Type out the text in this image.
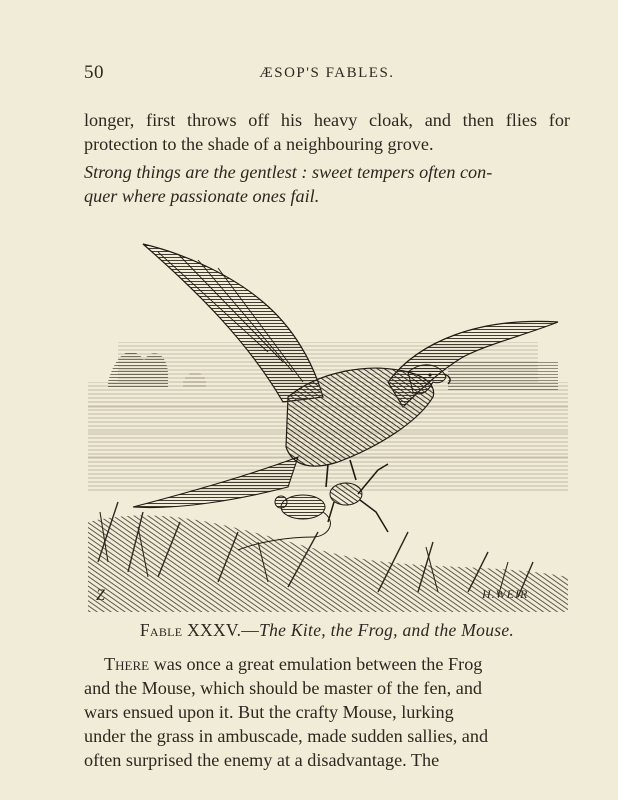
50	ÆSOP'S FABLES.
longer, first throws off his heavy cloak, and then flies for
protection to the shade of a neighbouring grove.
Strong things are the gentlest : sweet tempers often con-
quer where passionate ones fail.
Z	H.WEIR
Fable XXXV.—The Kite, the Frog, and the Mouse.
There was once a great emulation between the Frog
and the Mouse, which should be master of the fen, and
wars ensued upon it. But the crafty Mouse, lurking
under the grass in ambuscade, made sudden sallies, and
often surprised the enemy at a disadvantage. The
